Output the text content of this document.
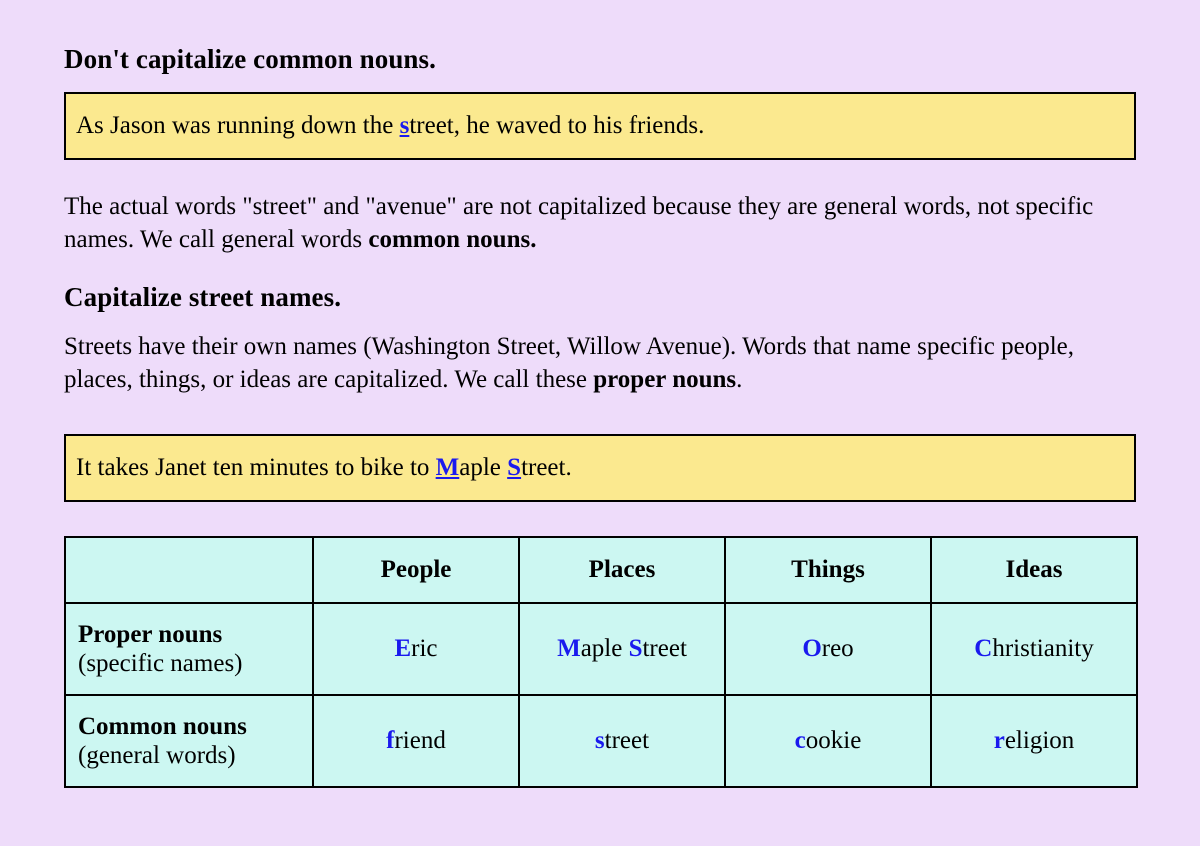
Don't capitalize common nouns.
As Jason was running down the street, he waved to his friends.

The actual words "street" and "avenue" are not capitalized because they are general words, not specific names. We call general words common nouns.

Capitalize street names.

Streets have their own names (Washington Street, Willow Avenue). Words that name specific people, places, things, or ideas are capitalized. We call these proper nouns.

It takes Janet ten minutes to bike to Maple Street.
	People	Places	Things	Ideas

Proper nouns
(specific names)	Eric	Maple Street	Oreo	Christianity

Common nouns
(general words)	friend	street	cookie	religion
